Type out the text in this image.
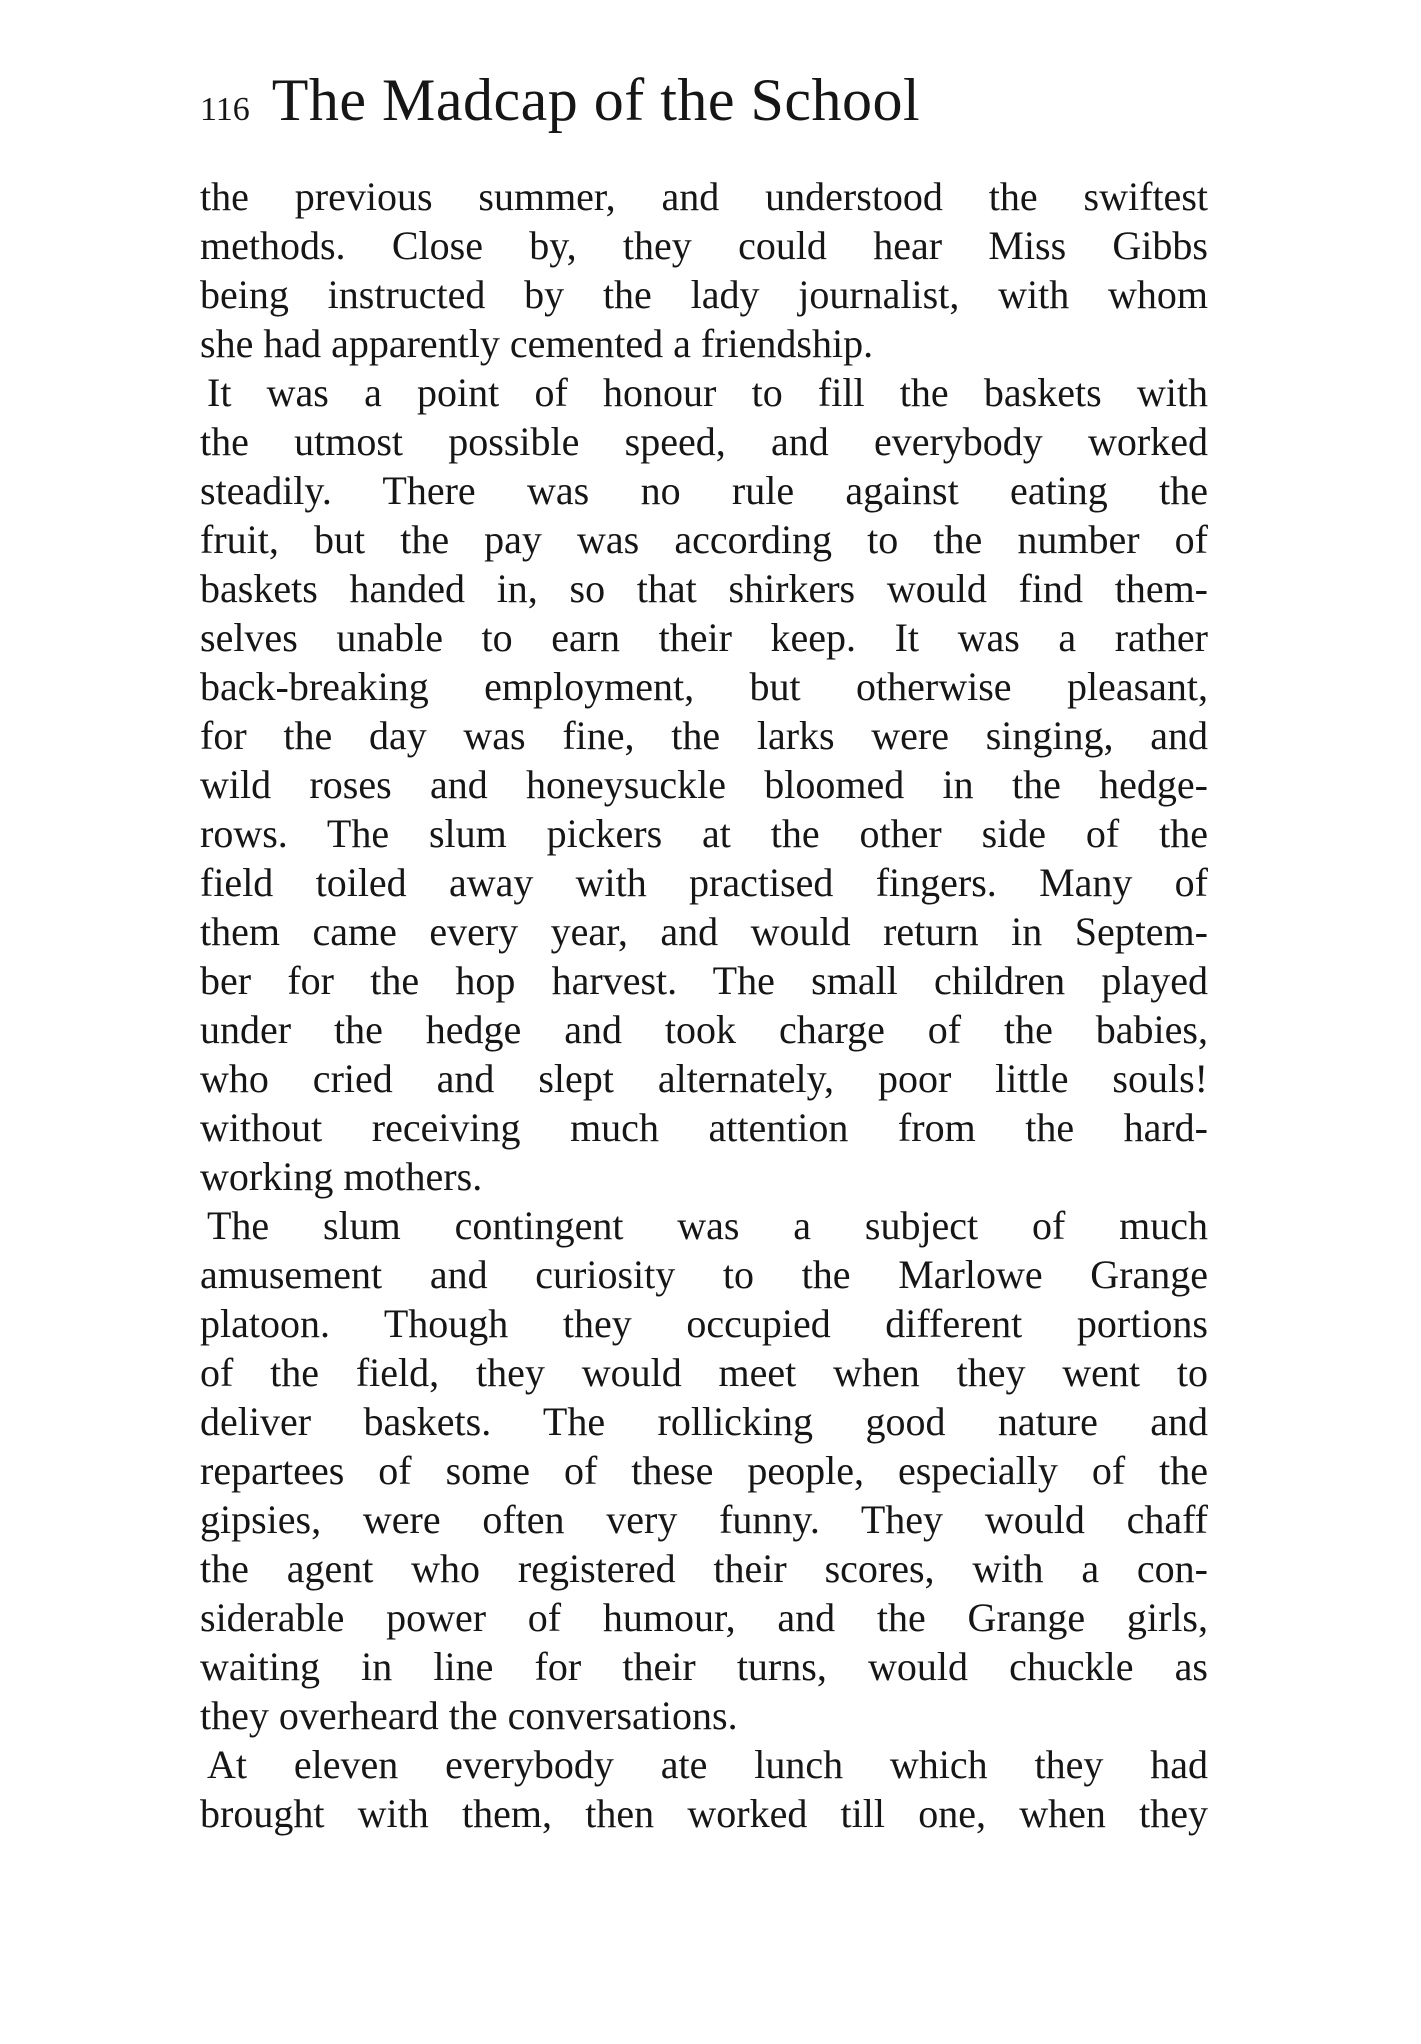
116 The Madcap of the School
the previous summer, and understood the swiftest
methods. Close by, they could hear Miss Gibbs
being instructed by the lady journalist, with whom
she had apparently cemented a friendship.
It was a point of honour to fill the baskets with
the utmost possible speed, and everybody worked
steadily. There was no rule against eating the
fruit, but the pay was according to the number of
baskets handed in, so that shirkers would find them-
selves unable to earn their keep. It was a rather
back-breaking employment, but otherwise pleasant,
for the day was fine, the larks were singing, and
wild roses and honeysuckle bloomed in the hedge-
rows. The slum pickers at the other side of the
field toiled away with practised fingers. Many of
them came every year, and would return in Septem-
ber for the hop harvest. The small children played
under the hedge and took charge of the babies,
who cried and slept alternately, poor little souls!
without receiving much attention from the hard-
working mothers.
The slum contingent was a subject of much
amusement and curiosity to the Marlowe Grange
platoon. Though they occupied different portions
of the field, they would meet when they went to
deliver baskets. The rollicking good nature and
repartees of some of these people, especially of the
gipsies, were often very funny. They would chaff
the agent who registered their scores, with a con-
siderable power of humour, and the Grange girls,
waiting in line for their turns, would chuckle as
they overheard the conversations.
At eleven everybody ate lunch which they had
brought with them, then worked till one, when they
